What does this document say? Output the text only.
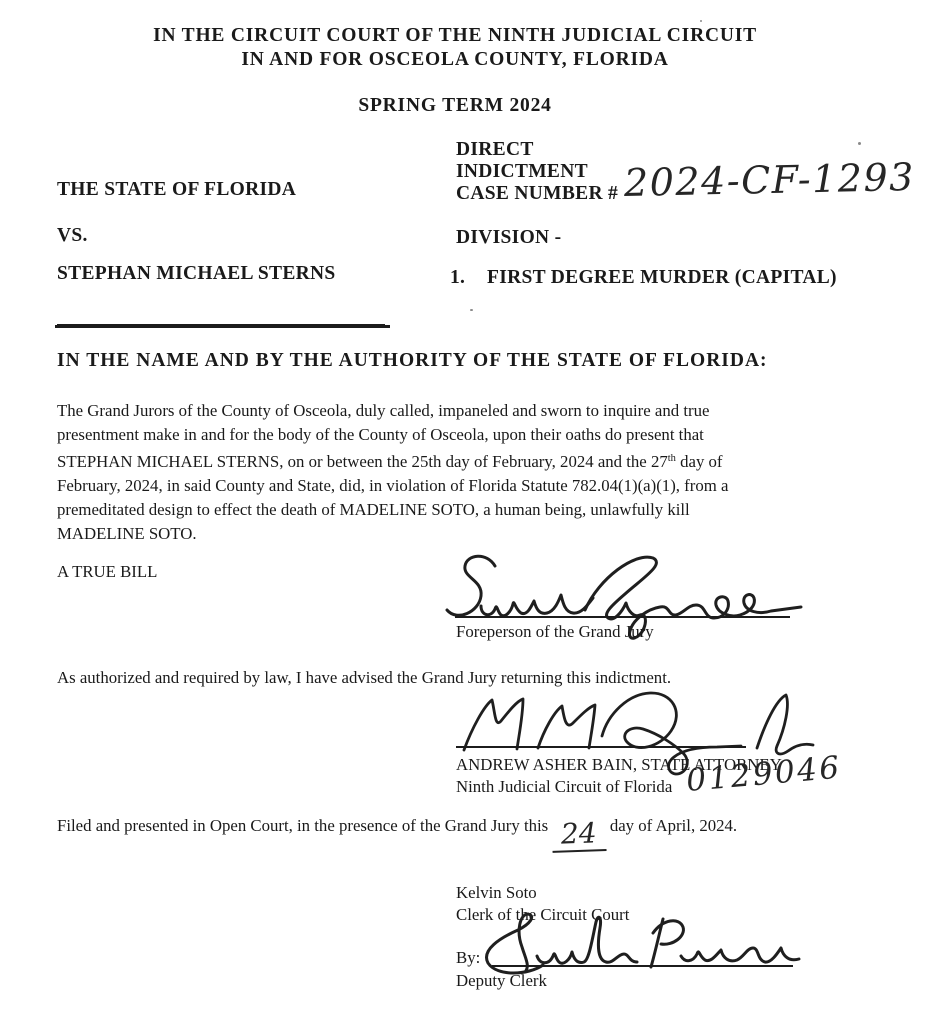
IN THE CIRCUIT COURT OF THE NINTH JUDICIAL CIRCUIT
IN AND FOR OSCEOLA COUNTY, FLORIDA
SPRING TERM 2024
THE STATE OF FLORIDA
VS.
STEPHAN MICHAEL STERNS
DIRECT
INDICTMENT
CASE NUMBER # 2024-CF-1293
DIVISION -
1. FIRST DEGREE MURDER (CAPITAL)
IN THE NAME AND BY THE AUTHORITY OF THE STATE OF FLORIDA:
The Grand Jurors of the County of Osceola, duly called, impaneled and sworn to inquire and true
presentment make in and for the body of the County of Osceola, upon their oaths do present that
STEPHAN MICHAEL STERNS, on or between the 25th day of February, 2024 and the 27th day of
February, 2024, in said County and State, did, in violation of Florida Statute 782.04(1)(a)(1), from a
premeditated design to effect the death of MADELINE SOTO, a human being, unlawfully kill
MADELINE SOTO.
A TRUE BILL
Foreperson of the Grand Jury
As authorized and required by law, I have advised the Grand Jury returning this indictment.
ANDREW ASHER BAIN, STATE ATTORNEY
Ninth Judicial Circuit of Florida 0129046
Filed and presented in Open Court, in the presence of the Grand Jury this 24 day of April, 2024.
Kelvin Soto
Clerk of the Circuit Court
By:
Deputy Clerk
